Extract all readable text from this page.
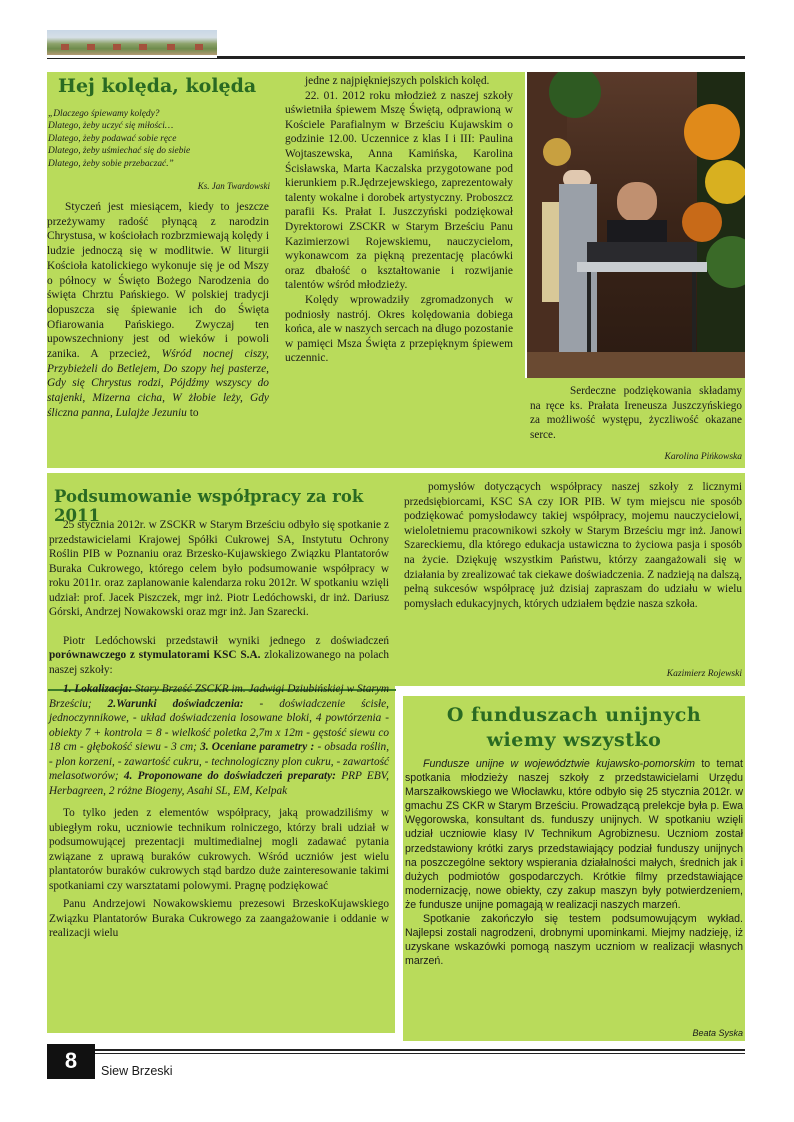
Hej kolęda, kolęda
„Dlaczego śpiewamy kolędy?
Dlatego, żeby uczyć się miłości…
Dlatego, żeby podawać sobie ręce
Dlatego, żeby uśmiechać się do siebie
Dlatego, żeby sobie przebaczać.”
Ks. Jan Twardowski
Styczeń jest miesiącem, kiedy to jeszcze przeżywamy radość płynącą z narodzin Chrystusa, w kościołach rozbrzmiewają kolędy i ludzie jednoczą się w modlitwie. W liturgii Kościoła katolickiego wykonuje się je od Mszy o północy w Święto Bożego Narodzenia do święta Chrztu Pańskiego. W polskiej tradycji dopuszcza się śpiewanie ich do Święta Ofiarowania Pańskiego. Zwyczaj ten upowszechniony jest od wieków i powoli zanika. A przecież, Wśród nocnej ciszy, Przybieżeli do Betlejem, Do szopy hej pasterze, Gdy się Chrystus rodzi, Pójdźmy wszyscy do stajenki, Mizerna cicha, W żłobie leży, Gdy śliczna panna, Lulajże Jezuniu to

jedne z najpiękniejszych polskich kolęd.

22. 01. 2012 roku młodzież z naszej szkoły uświetniła śpiewem Mszę Świętą, odprawioną w Kościele Parafialnym w Brześciu Kujawskim o godzinie 12.00. Uczennice z klas I i III: Paulina Wojtaszewska, Anna Kamińska, Karolina Ścisławska, Marta Kaczalska przygotowane pod kierunkiem p.R.Jędrzejewskiego, zaprezentowały talenty wokalne i dorobek artystyczny. Proboszcz parafii Ks. Prałat I. Juszczyński podziękował Dyrektorowi ZSCKR w Starym Brześciu Panu Kazimierzowi Rojewskiemu, nauczycielom, wykonawcom za piękną prezentację placówki oraz dbałość o kształtowanie i rozwijanie talentów wśród młodzieży.

Kolędy wprowadziły zgromadzonych w podniosły nastrój. Okres kolędowania dobiega końca, ale w naszych sercach na długo pozostanie w pamięci Msza Święta z przepięknym śpiewem uczennic.

Serdeczne podziękowania składamy na ręce ks. Prałata Ireneusza Juszczyńskiego za możliwość występu, życzliwość okazane serce.
Karolina Pińkowska
Podsumowanie współpracy za rok 2011

25 stycznia 2012r. w ZSCKR w Starym Brześciu odbyło się spotkanie z przedstawicielami Krajowej Spółki Cukrowej SA, Instytutu Ochrony Roślin PIB w Poznaniu oraz Brzesko-Kujawskiego Związku Plantatorów Buraka Cukrowego, którego celem było podsumowanie współpracy w roku 2011r. oraz zaplanowanie kalendarza roku 2012r. W spotkaniu wzięli udział: prof. Jacek Piszczek, mgr inż. Piotr Ledóchowski, dr inż. Dariusz Górski, Andrzej Nowakowski oraz mgr inż. Jan Szarecki.

Piotr Ledóchowski przedstawił wyniki jednego z doświadczeń porównawczego z stymulatorami KSC S.A. zlokalizowanego na polach naszej szkoły:

1. Lokalizacja: Stary Brześć ZSCKR im. Jadwigi Dziubińskiej w Starym Brześciu; 2.Warunki doświadczenia: - doświadczenie ścisłe, jednoczynnikowe, - układ doświadczenia losowane bloki, 4 powtórzenia - obiekty 7 + kontrola = 8 - wielkość poletka 2,7m x 12m - gęstość siewu co 18 cm - głębokość siewu - 3 cm; 3. Oceniane parametry : - obsada roślin, - plon korzeni, - zawartość cukru, - technologiczny plon cukru, - zawartość melasotworów; 4. Proponowane do doświadczeń preparaty: PRP EBV, Herbagreen, 2 różne Biogeny, Asahi SL, EM, Kelpak

To tylko jeden z elementów współpracy, jaką prowadziliśmy w ubiegłym roku, uczniowie technikum rolniczego, którzy brali udział w podsumowującej prezentacji multimedialnej mogli zadawać pytania związane z uprawą buraków cukrowych. Wśród uczniów jest wielu plantatorów buraków cukrowych stąd bardzo duże zainteresowanie takimi spotkaniami czy warsztatami polowymi. Pragnę podziękować

Panu Andrzejowi Nowakowskiemu prezesowi BrzeskoKujawskiego Związku Plantatorów Buraka Cukrowego za zaangażowanie i oddanie w realizacji wielu

pomysłów dotyczących współpracy naszej szkoły z licznymi przedsiębiorcami, KSC SA czy IOR PIB. W tym miejscu nie sposób podziękować pomysłodawcy takiej współpracy, mojemu nauczycielowi, wieloletniemu pracownikowi szkoły w Starym Brześciu mgr inż. Janowi Szareckiemu, dla którego edukacja ustawiczna to życiowa pasja i sposób na życie. Dziękuję wszystkim Państwu, którzy zaangażowali się w działania by zrealizować tak ciekawe doświadczenia. Z nadzieją na dalszą, pełną sukcesów współpracę już dzisiaj zapraszam do udziału w wielu pomysłach edukacyjnych, których udziałem będzie nasza szkoła.
Kazimierz Rojewski
O funduszach unijnych
wiemy wszystko

Fundusze unijne w województwie kujawsko-pomorskim to temat spotkania młodzieży naszej szkoły z przedstawicielami Urzędu Marszałkowskiego we Włocławku, które odbyło się 25 stycznia 2012r. w gmachu ZS CKR w Starym Brześciu. Prowadzącą prelekcje była p. Ewa Węgorowska, konsultant ds. funduszy unijnych. W spotkaniu wzięli udział uczniowie klasy IV Technikum Agrobiznesu. Uczniom został przedstawiony krótki zarys przedstawiający podział funduszy unijnych na poszczególne sektory wspierania działalności małych, średnich jak i dużych podmiotów gospodarczych. Krótkie filmy przedstawiające modernizację, nowe obiekty, czy zakup maszyn były potwierdzeniem, że fundusze unijne pomagają w realizacji naszych marzeń.

Spotkanie zakończyło się testem podsumowującym wykład. Najlepsi zostali nagrodzeni, drobnymi upominkami. Miejmy nadzieję, iż uzyskane wskazówki pomogą naszym uczniom w realizacji własnych marzeń.

Beata Syska
8	Siew Brzeski
